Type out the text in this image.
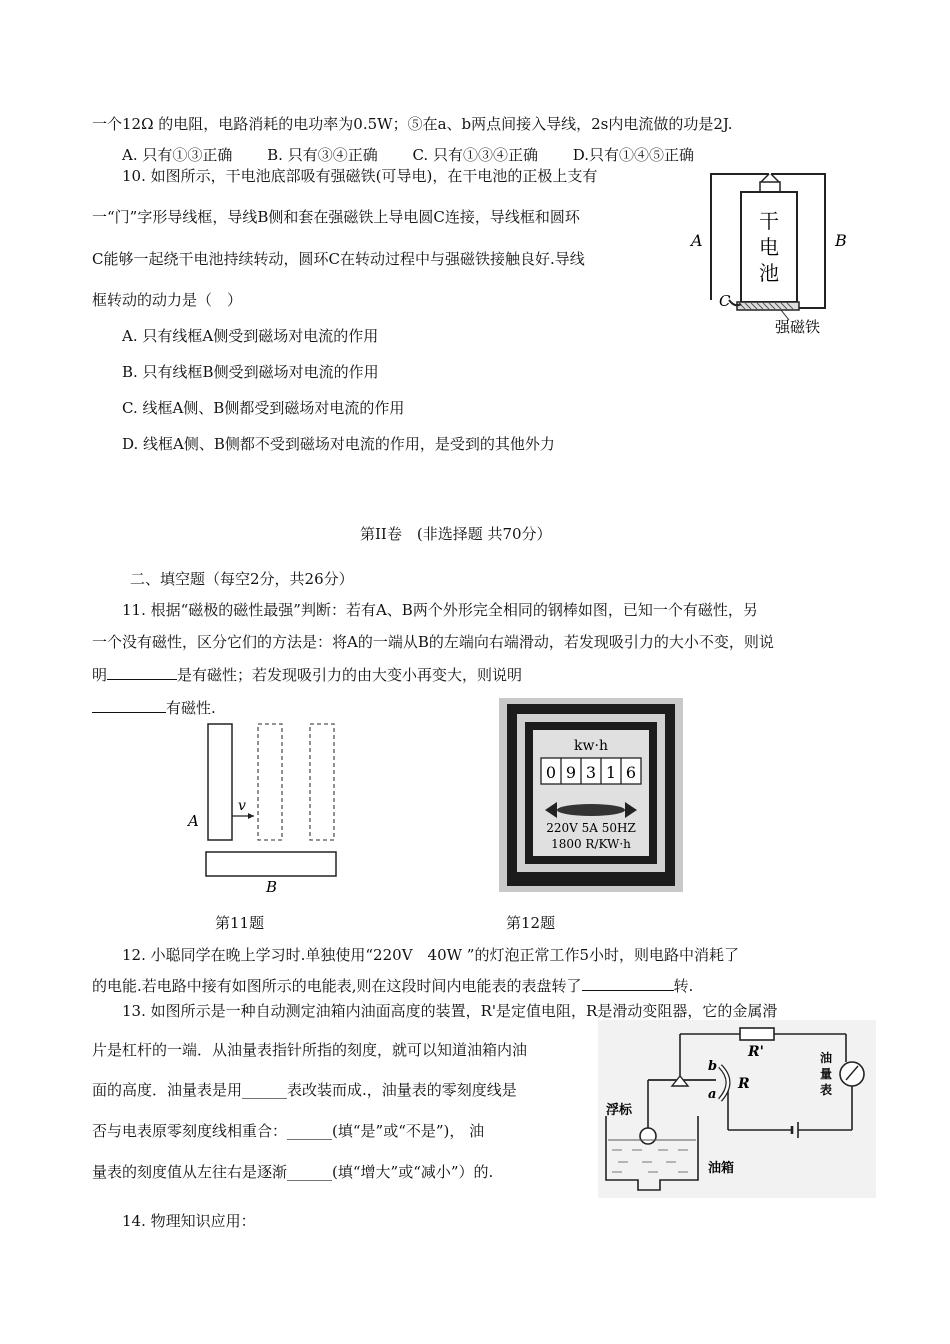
一个12Ω 的电阻，电路消耗的电功率为0.5W；⑤在a、b两点间接入导线，2s内电流做的功是2J.
A. 只有①③正确　　 B. 只有③④正确　　 C. 只有①③④正确　　 D.只有①④⑤正确
10. 如图所示，干电池底部吸有强磁铁(可导电)，在干电池的正极上支有
一“门”字形导线框，导线B侧和套在强磁铁上导电圆C连接，导线框和圆环
C能够一起绕干电池持续转动，圆环C在转动过程中与强磁铁接触良好.导线
框转动的动力是（　）
A. 只有线框A侧受到磁场对电流的作用
B. 只有线框B侧受到磁场对电流的作用
C. 线框A侧、B侧都受到磁场对电流的作用
D. 线框A侧、B侧都不受到磁场对电流的作用，是受到的其他外力
干
电
池
A	B
C
强磁铁
第II卷　(非选择题 共70分）
二、填空题（每空2分，共26分）
11. 根据“磁极的磁性最强”判断：若有A、B两个外形完全相同的钢棒如图，已知一个有磁性，另
一个没有磁性，区分它们的方法是：将A的一端从B的左端向右端滑动，若发现吸引力的大小不变，则说
明	是有磁性；若发现吸引力的由大变小再变大，则说明
有磁性.
v
A
B
第11题
kw·h
0 9 3 1 6
220V 5A 50HZ
1800 R/KW·h
第12题
12. 小聪同学在晚上学习时.单独使用“220V　40W ”的灯泡正常工作5小时，则电路中消耗了
的电能.若电路中接有如图所示的电能表,则在这段时间内电能表的表盘转了	转.
13. 如图所示是一种自动测定油箱内油面高度的装置，R'是定值电阻，R是滑动变阻器，它的金属滑
片是杠杆的一端．从油量表指针所指的刻度，就可以知道油箱内油
面的高度．油量表是用______表改装而成.，油量表的零刻度线是
否与电表原零刻度线相重合：______(填“是”或“不是”)， 油
量表的刻度值从左往右是逐渐______(填“增大”或“减小”）的.
R'
b
R
a
浮标
油箱
油
量
表
14. 物理知识应用：
